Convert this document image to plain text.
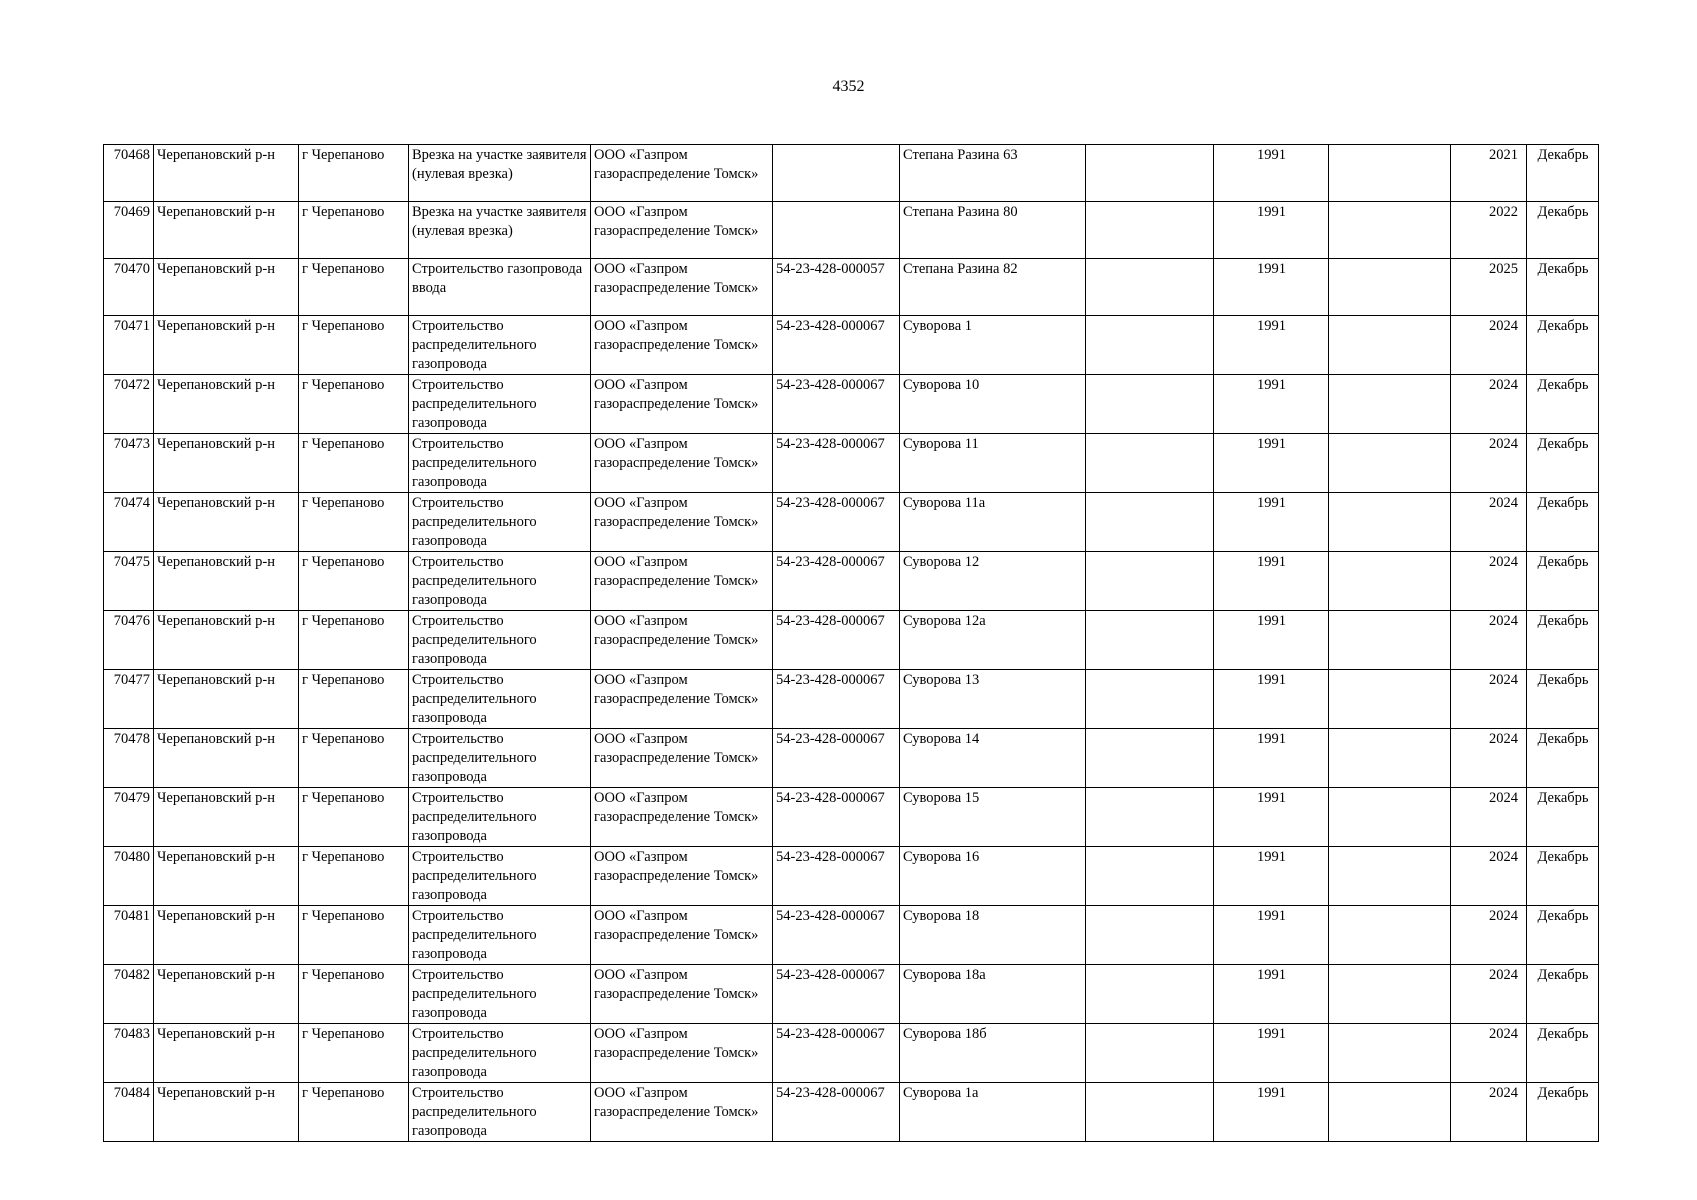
4352
70468	Черепановский р-н	г Черепаново	Врезка на участке заявителя (нулевая врезка)	ООО «Газпром газораспределение Томск»		Степана Разина 63		1991		2021	Декабрь
70469	Черепановский р-н	г Черепаново	Врезка на участке заявителя (нулевая врезка)	ООО «Газпром газораспределение Томск»		Степана Разина 80		1991		2022	Декабрь
70470	Черепановский р-н	г Черепаново	Строительство газопровода ввода	ООО «Газпром газораспределение Томск»	54-23-428-000057	Степана Разина 82		1991		2025	Декабрь
70471	Черепановский р-н	г Черепаново	Строительство распределительного газопровода	ООО «Газпром газораспределение Томск»	54-23-428-000067	Суворова 1		1991		2024	Декабрь
70472	Черепановский р-н	г Черепаново	Строительство распределительного газопровода	ООО «Газпром газораспределение Томск»	54-23-428-000067	Суворова 10		1991		2024	Декабрь
70473	Черепановский р-н	г Черепаново	Строительство распределительного газопровода	ООО «Газпром газораспределение Томск»	54-23-428-000067	Суворова 11		1991		2024	Декабрь
70474	Черепановский р-н	г Черепаново	Строительство распределительного газопровода	ООО «Газпром газораспределение Томск»	54-23-428-000067	Суворова 11а		1991		2024	Декабрь
70475	Черепановский р-н	г Черепаново	Строительство распределительного газопровода	ООО «Газпром газораспределение Томск»	54-23-428-000067	Суворова 12		1991		2024	Декабрь
70476	Черепановский р-н	г Черепаново	Строительство распределительного газопровода	ООО «Газпром газораспределение Томск»	54-23-428-000067	Суворова 12а		1991		2024	Декабрь
70477	Черепановский р-н	г Черепаново	Строительство распределительного газопровода	ООО «Газпром газораспределение Томск»	54-23-428-000067	Суворова 13		1991		2024	Декабрь
70478	Черепановский р-н	г Черепаново	Строительство распределительного газопровода	ООО «Газпром газораспределение Томск»	54-23-428-000067	Суворова 14		1991		2024	Декабрь
70479	Черепановский р-н	г Черепаново	Строительство распределительного газопровода	ООО «Газпром газораспределение Томск»	54-23-428-000067	Суворова 15		1991		2024	Декабрь
70480	Черепановский р-н	г Черепаново	Строительство распределительного газопровода	ООО «Газпром газораспределение Томск»	54-23-428-000067	Суворова 16		1991		2024	Декабрь
70481	Черепановский р-н	г Черепаново	Строительство распределительного газопровода	ООО «Газпром газораспределение Томск»	54-23-428-000067	Суворова 18		1991		2024	Декабрь
70482	Черепановский р-н	г Черепаново	Строительство распределительного газопровода	ООО «Газпром газораспределение Томск»	54-23-428-000067	Суворова 18а		1991		2024	Декабрь
70483	Черепановский р-н	г Черепаново	Строительство распределительного газопровода	ООО «Газпром газораспределение Томск»	54-23-428-000067	Суворова 18б		1991		2024	Декабрь
70484	Черепановский р-н	г Черепаново	Строительство распределительного газопровода	ООО «Газпром газораспределение Томск»	54-23-428-000067	Суворова 1а		1991		2024	Декабрь
